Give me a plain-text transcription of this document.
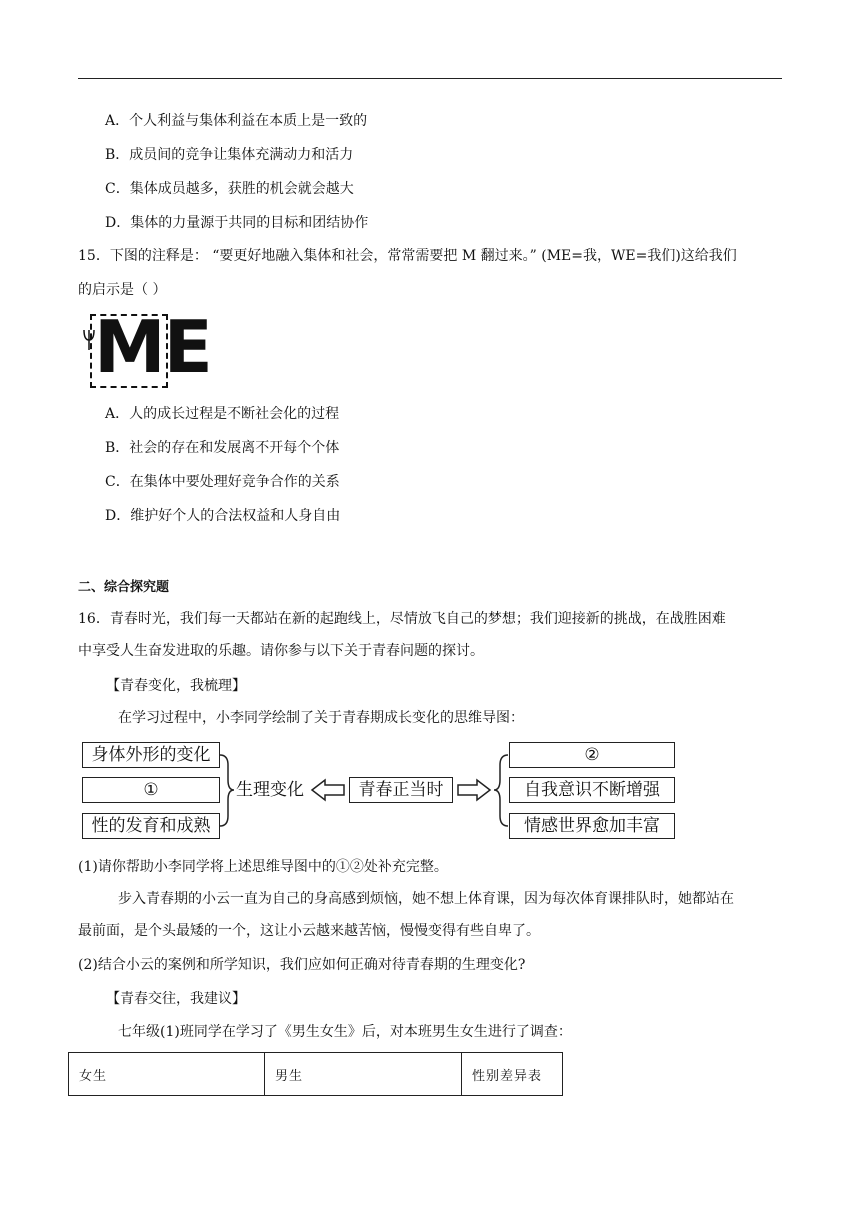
A．个人利益与集体利益在本质上是一致的
B．成员间的竞争让集体充满动力和活力
C．集体成员越多，获胜的机会就会越大
D．集体的力量源于共同的目标和团结协作
15．下图的注释是： “要更好地融入集体和社会，常常需要把 M 翻过来。” (ME=我，WE=我们)这给我们
的启示是（ ）
ME
A．人的成长过程是不断社会化的过程
B．社会的存在和发展离不开每个个体
C．在集体中要处理好竞争合作的关系
D．维护好个人的合法权益和人身自由
二、综合探究题
16．青春时光，我们每一天都站在新的起跑线上，尽情放飞自己的梦想；我们迎接新的挑战，在战胜困难
中享受人生奋发进取的乐趣。请你参与以下关于青春问题的探讨。
【青春变化，我梳理】
在学习过程中，小李同学绘制了关于青春期成长变化的思维导图：
身体外形的变化
①
性的发育和成熟
生理变化	青春正当时
②
自我意识不断增强
情感世界愈加丰富
(1)请你帮助小李同学将上述思维导图中的①②处补充完整。
步入青春期的小云一直为自己的身高感到烦恼，她不想上体育课，因为每次体育课排队时，她都站在
最前面，是个头最矮的一个，这让小云越来越苦恼，慢慢变得有些自卑了。
(2)结合小云的案例和所学知识，我们应如何正确对待青春期的生理变化?
【青春交往，我建议】
七年级(1)班同学在学习了《男生女生》后，对本班男生女生进行了调查：
女生	男生	性别差异表
